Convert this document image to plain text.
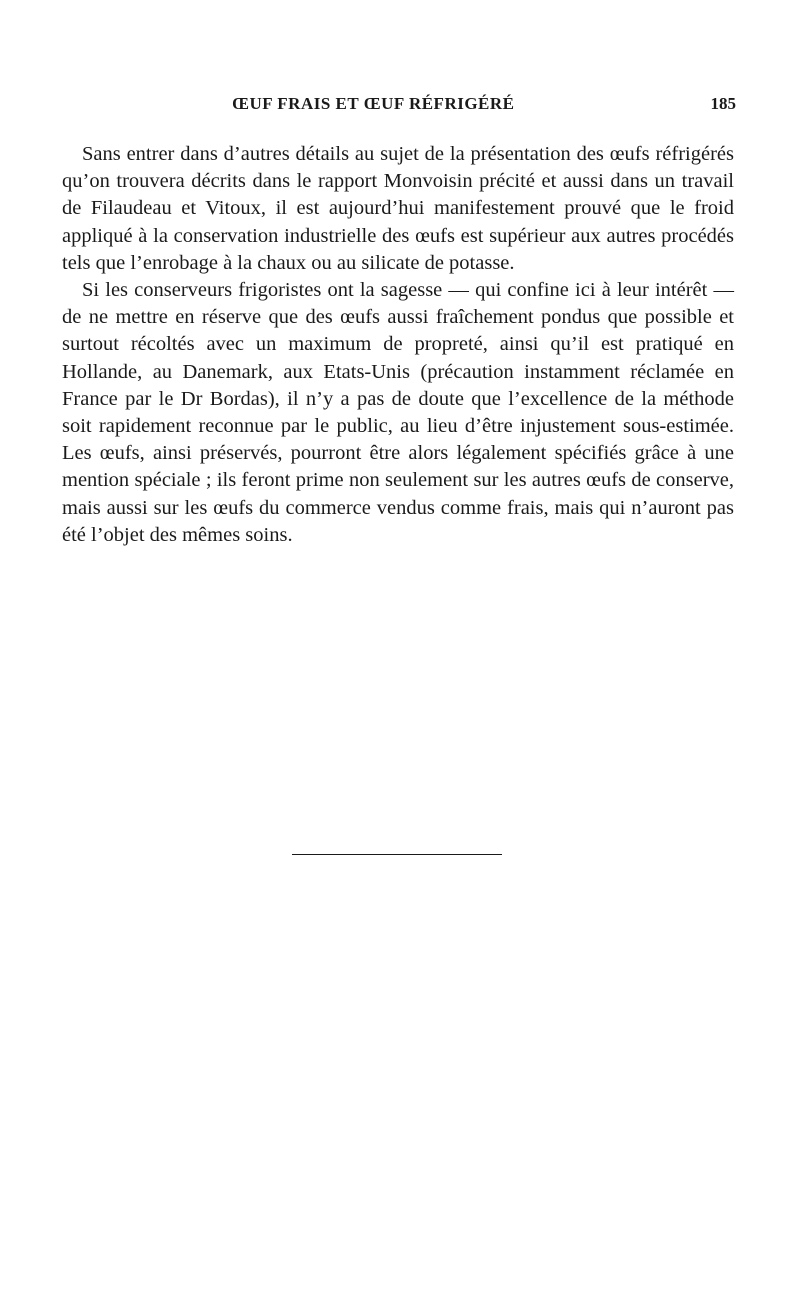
ŒUF FRAIS ET ŒUF RÉFRIGÉRÉ	185

Sans entrer dans d’autres détails au sujet de la présentation des œufs réfrigérés qu’on trouvera décrits dans le rapport Monvoisin précité et aussi dans un travail de Filaudeau et Vitoux, il est aujourd’hui manifestement prouvé que le froid appliqué à la conservation industrielle des œufs est supérieur aux autres procédés tels que l’enrobage à la chaux ou au silicate de potasse.

Si les conserveurs frigoristes ont la sagesse — qui confine ici à leur intérêt — de ne mettre en réserve que des œufs aussi fraîchement pondus que possible et surtout récoltés avec un maximum de propreté, ainsi qu’il est pratiqué en Hollande, au Danemark, aux Etats-Unis (précaution instamment réclamée en France par le Dr Bordas), il n’y a pas de doute que l’excellence de la méthode soit rapidement reconnue par le public, au lieu d’être injustement sous-estimée. Les œufs, ainsi préservés, pourront être alors légalement spécifiés grâce à une mention spéciale ; ils feront prime non seulement sur les autres œufs de conserve, mais aussi sur les œufs du commerce vendus comme frais, mais qui n’auront pas été l’objet des mêmes soins.
